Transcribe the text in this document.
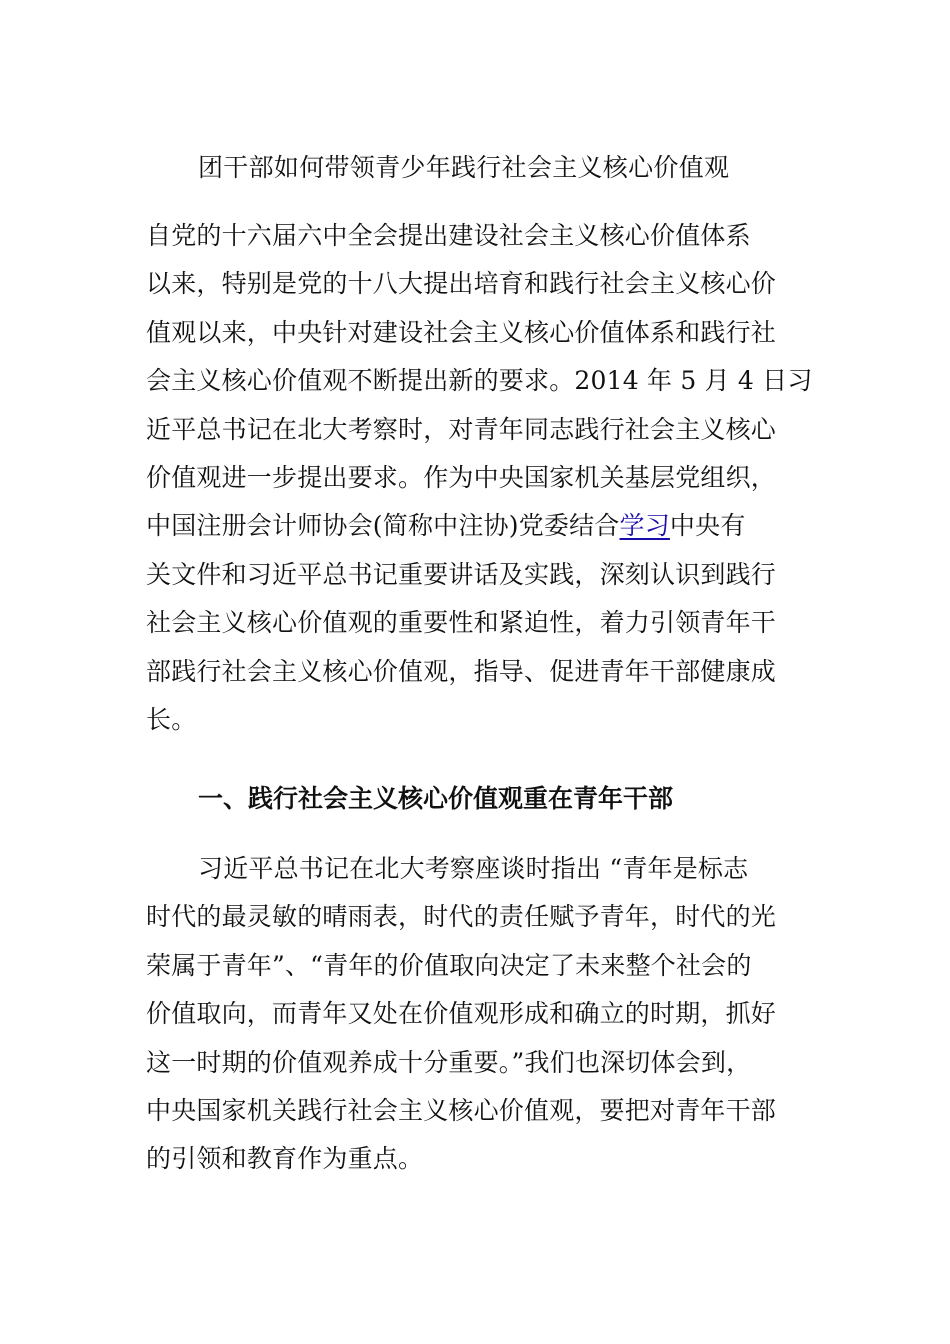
团干部如何带领青少年践行社会主义核心价值观
自党的十六届六中全会提出建设社会主义核心价值体系
以来，特别是党的十八大提出培育和践行社会主义核心价
值观以来，中央针对建设社会主义核心价值体系和践行社
会主义核心价值观不断提出新的要求。2014 年 5 月 4 日习
近平总书记在北大考察时，对青年同志践行社会主义核心
价值观进一步提出要求。作为中央国家机关基层党组织，
中国注册会计师协会(简称中注协)党委结合学习中央有
关文件和习近平总书记重要讲话及实践，深刻认识到践行
社会主义核心价值观的重要性和紧迫性，着力引领青年干
部践行社会主义核心价值观，指导、促进青年干部健康成
长。
一、践行社会主义核心价值观重在青年干部
习近平总书记在北大考察座谈时指出 “青年是标志
时代的最灵敏的晴雨表，时代的责任赋予青年，时代的光
荣属于青年”、“青年的价值取向决定了未来整个社会的
价值取向，而青年又处在价值观形成和确立的时期，抓好
这一时期的价值观养成十分重要。”我们也深切体会到，
中央国家机关践行社会主义核心价值观，要把对青年干部
的引领和教育作为重点。
